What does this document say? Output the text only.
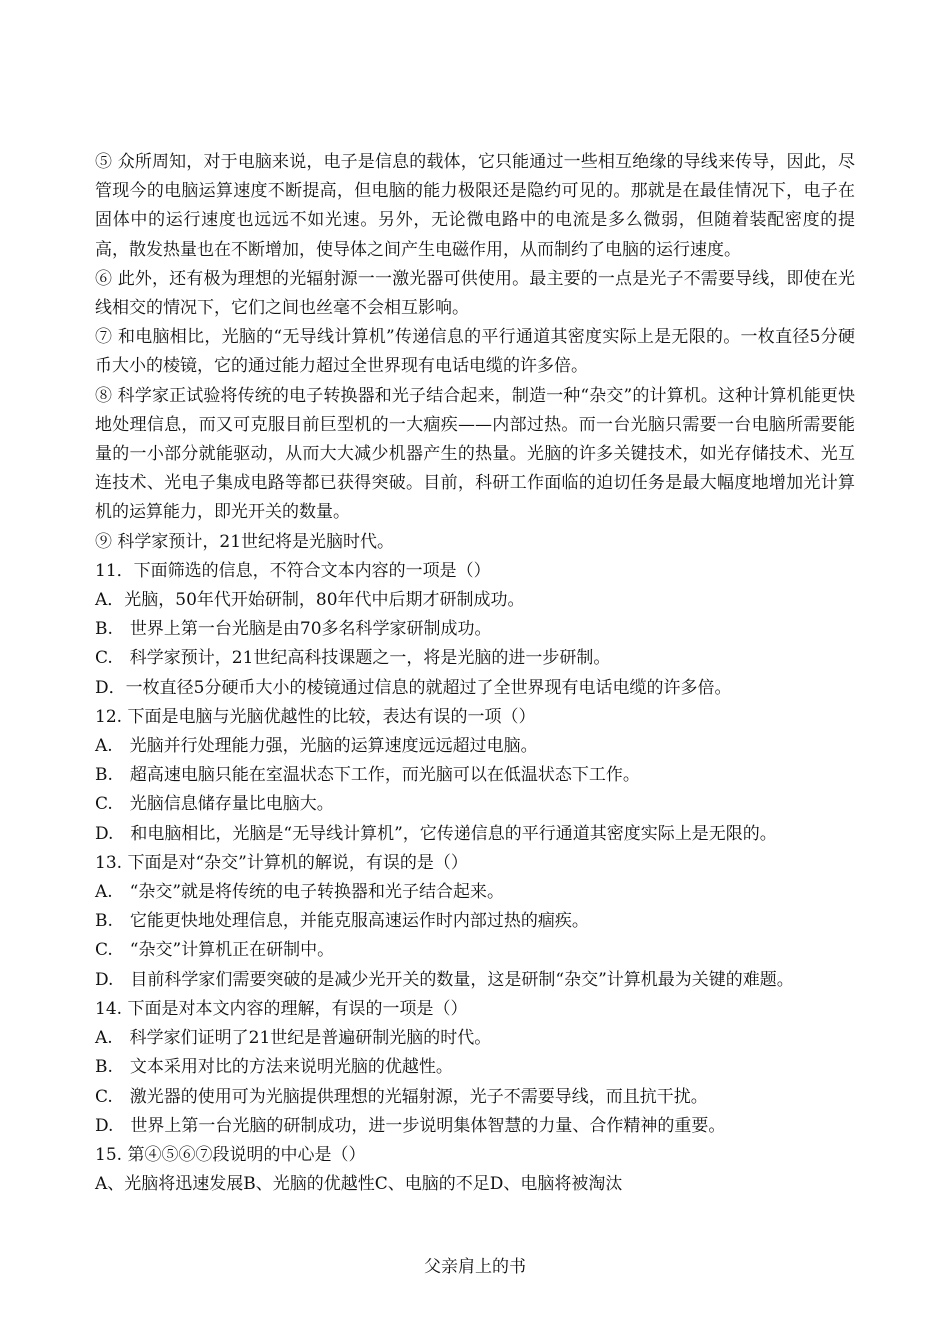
⑤ 众所周知，对于电脑来说，电子是信息的载体，它只能通过一些相互绝缘的导线来传导，因此，尽管现今的电脑运算速度不断提高，但电脑的能力极限还是隐约可见的。那就是在最佳情况下，电子在固体中的运行速度也远远不如光速。另外，无论微电路中的电流是多么微弱，但随着装配密度的提高，散发热量也在不断增加，使导体之间产生电磁作用，从而制约了电脑的运行速度。

⑥ 此外，还有极为理想的光辐射源一一激光器可供使用。最主要的一点是光子不需要导线，即使在光线相交的情况下，它们之间也丝毫不会相互影响。

⑦ 和电脑相比，光脑的“无导线计算机”传递信息的平行通道其密度实际上是无限的。一枚直径5分硬币大小的棱镜，它的通过能力超过全世界现有电话电缆的许多倍。

⑧ 科学家正试验将传统的电子转换器和光子结合起来，制造一种“杂交”的计算机。这种计算机能更快地处理信息，而又可克服目前巨型机的一大痼疾——内部过热。而一台光脑只需要一台电脑所需要能量的一小部分就能驱动，从而大大减少机器产生的热量。光脑的许多关键技术，如光存储技术、光互连技术、光电子集成电路等都已获得突破。目前，科研工作面临的迫切任务是最大幅度地增加光计算机的运算能力，即光开关的数量。

⑨ 科学家预计，21世纪将是光脑时代。

11．下面筛选的信息，不符合文本内容的一项是（）

A．光脑，50年代开始研制，80年代中后期才研制成功。

B.　世界上第一台光脑是由70多名科学家研制成功。

C.　科学家预计，21世纪高科技课题之一，将是光脑的进一步研制。

D．一枚直径5分硬币大小的棱镜通过信息的就超过了全世界现有电话电缆的许多倍。

12. 下面是电脑与光脑优越性的比较，表达有误的一项（）

A.　光脑并行处理能力强，光脑的运算速度远远超过电脑。

B.　超高速电脑只能在室温状态下工作，而光脑可以在低温状态下工作。

C.　光脑信息储存量比电脑大。

D.　和电脑相比，光脑是“无导线计算机”，它传递信息的平行通道其密度实际上是无限的。

13. 下面是对“杂交”计算机的解说，有误的是（）

A.　“杂交”就是将传统的电子转换器和光子结合起来。

B.　它能更快地处理信息，并能克服高速运作时内部过热的痼疾。

C.　“杂交”计算机正在研制中。

D.　目前科学家们需要突破的是减少光开关的数量，这是研制“杂交”计算机最为关键的难题。

14. 下面是对本文内容的理解，有误的一项是（）

A.　科学家们证明了21世纪是普遍研制光脑的时代。

B.　文本采用对比的方法来说明光脑的优越性。

C.　激光器的使用可为光脑提供理想的光辐射源，光子不需要导线，而且抗干扰。

D.　世界上第一台光脑的研制成功，进一步说明集体智慧的力量、合作精神的重要。

15. 第④⑤⑥⑦段说明的中心是（）

A、光脑将迅速发展B、光脑的优越性C、电脑的不足D、电脑将被淘汰

父亲肩上的书
